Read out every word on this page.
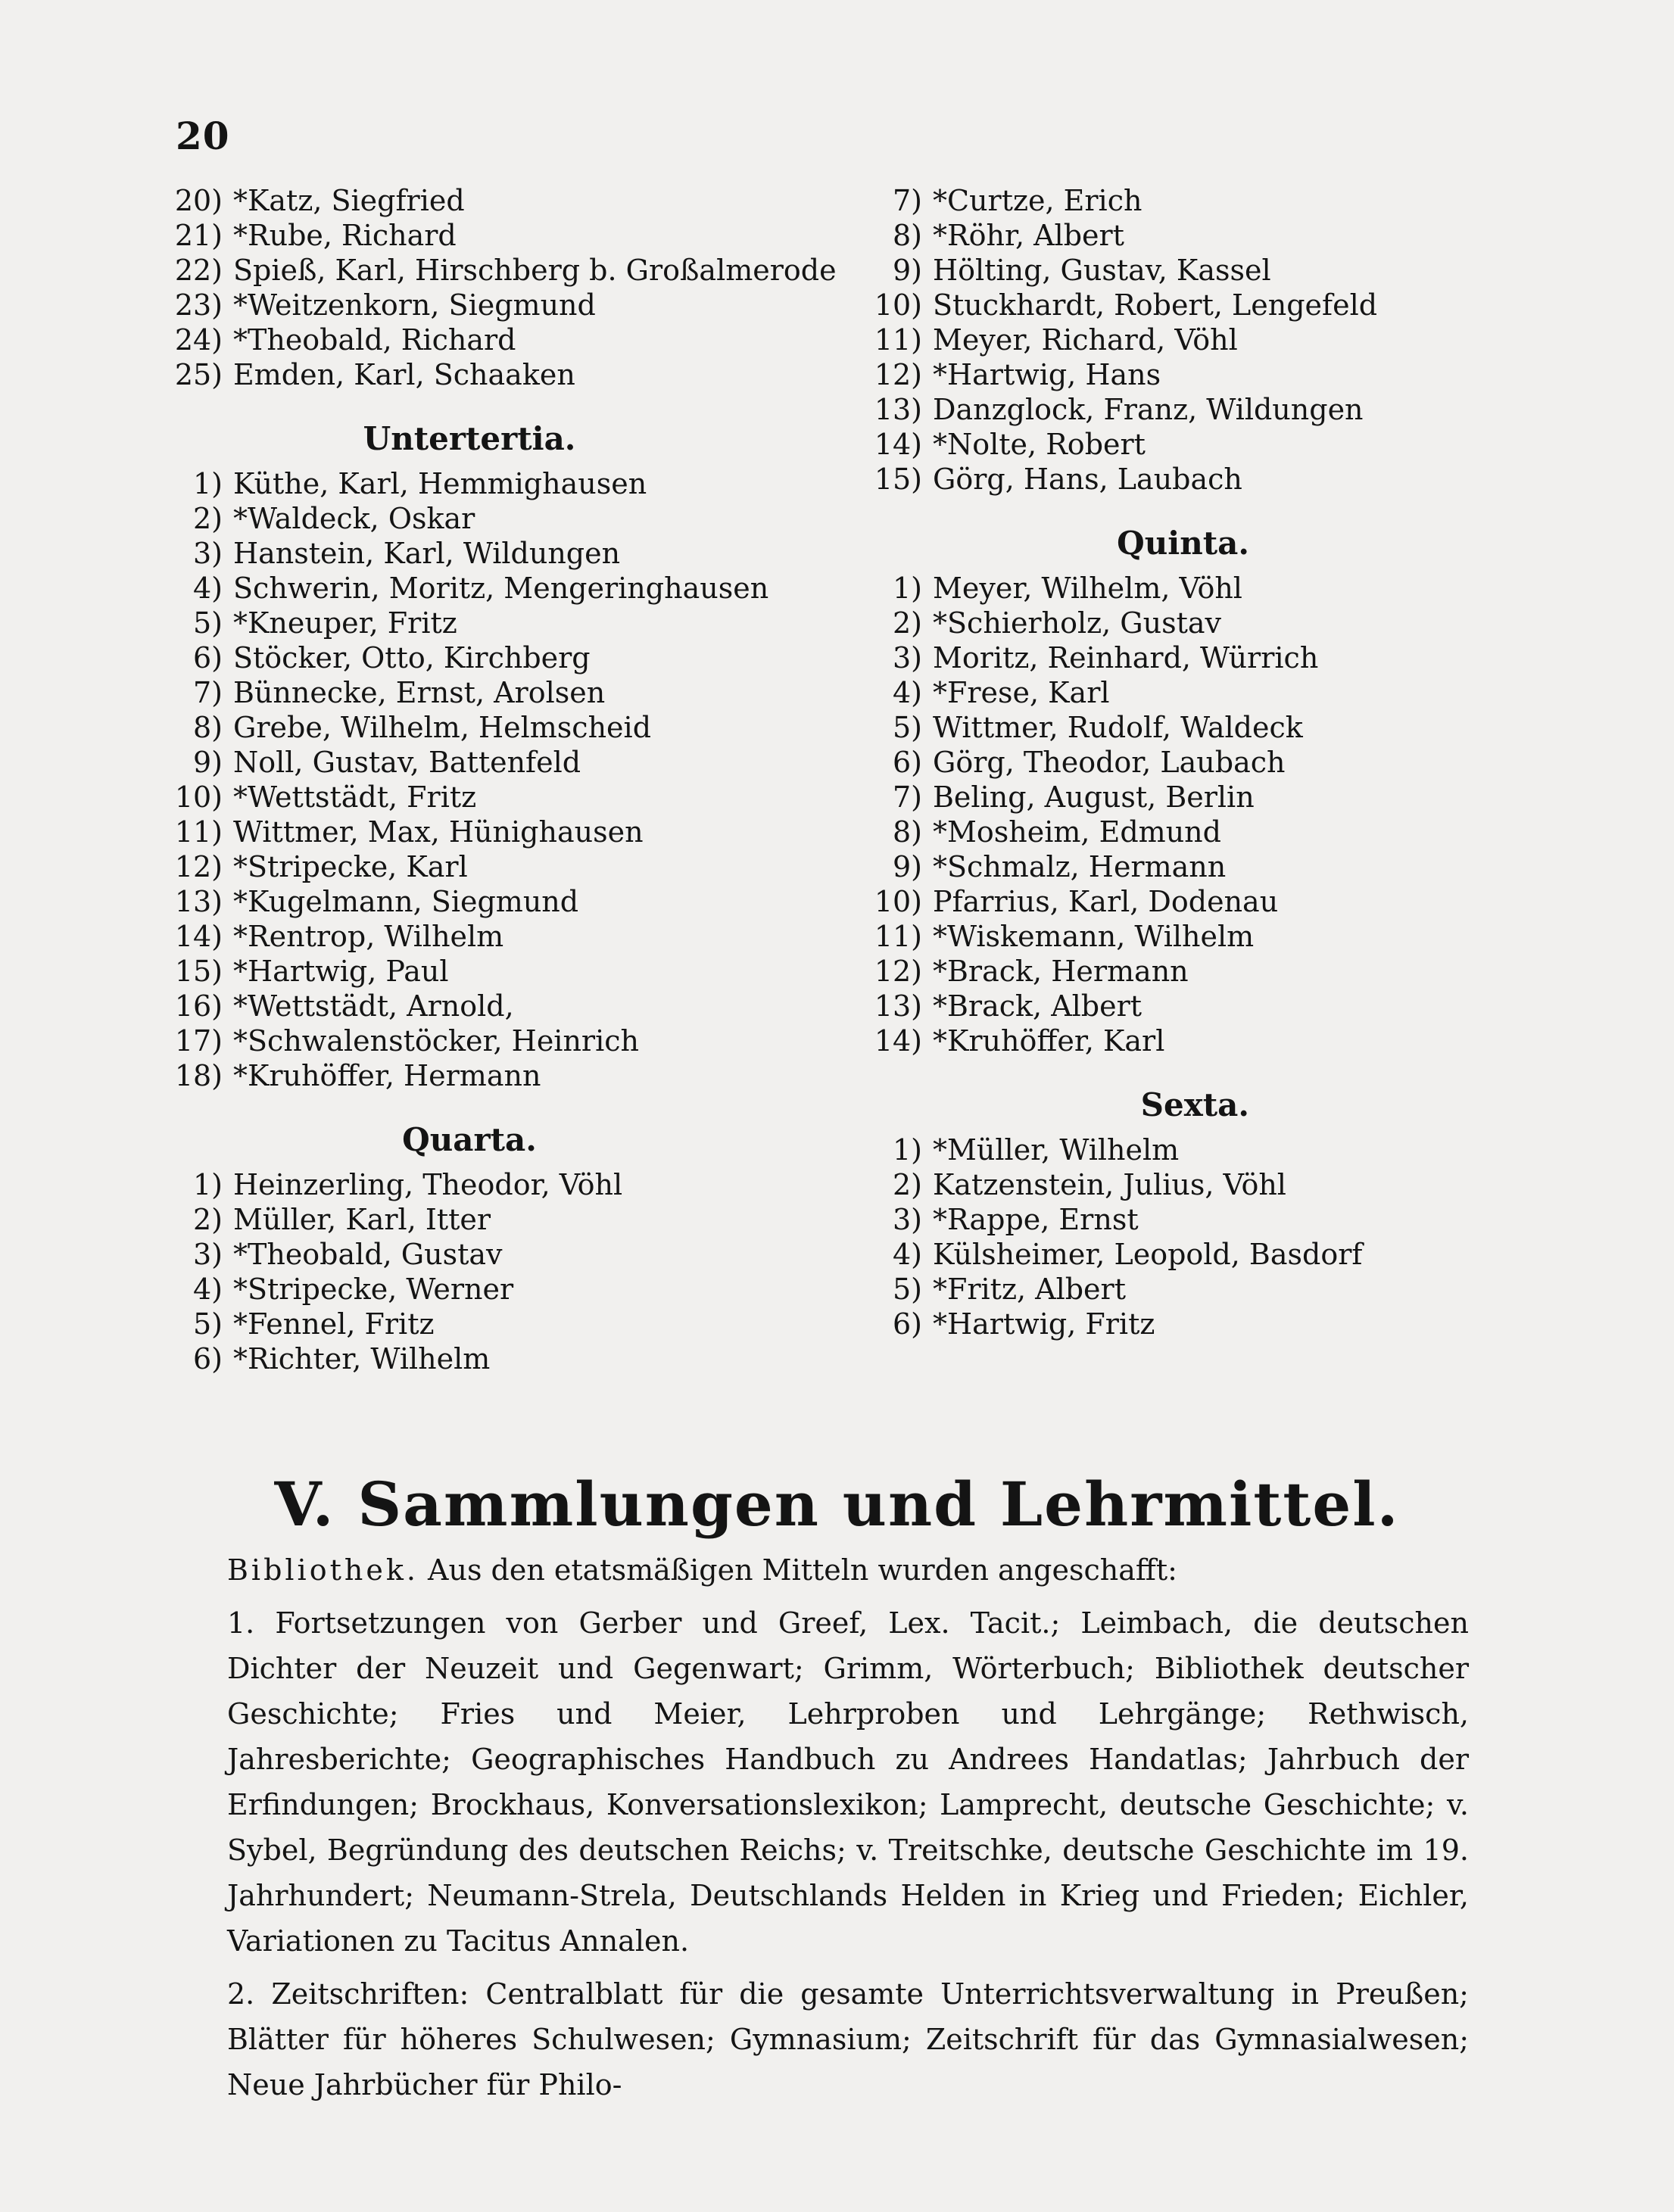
20
20) *Katz, Siegfried
21) *Rube, Richard
22) Spieß, Karl, Hirschberg b. Großalmerode
23) *Weitzenkorn, Siegmund
24) *Theobald, Richard
25) Emden, Karl, Schaaken
Untertertia.
1) Küthe, Karl, Hemmighausen
2) *Waldeck, Oskar
3) Hanstein, Karl, Wildungen
4) Schwerin, Moritz, Mengeringhausen
5) *Kneuper, Fritz
6) Stöcker, Otto, Kirchberg
7) Bünnecke, Ernst, Arolsen
8) Grebe, Wilhelm, Helmscheid
9) Noll, Gustav, Battenfeld
10) *Wettstädt, Fritz
11) Wittmer, Max, Hünighausen
12) *Stripecke, Karl
13) *Kugelmann, Siegmund
14) *Rentrop, Wilhelm
15) *Hartwig, Paul
16) *Wettstädt, Arnold,
17) *Schwalenstöcker, Heinrich
18) *Kruhöffer, Hermann
Quarta.
1) Heinzerling, Theodor, Vöhl
2) Müller, Karl, Itter
3) *Theobald, Gustav
4) *Stripecke, Werner
5) *Fennel, Fritz
6) *Richter, Wilhelm
7) *Curtze, Erich
8) *Röhr, Albert
9) Hölting, Gustav, Kassel
10) Stuckhardt, Robert, Lengefeld
11) Meyer, Richard, Vöhl
12) *Hartwig, Hans
13) Danzglock, Franz, Wildungen
14) *Nolte, Robert
15) Görg, Hans, Laubach
Quinta.
1) Meyer, Wilhelm, Vöhl
2) *Schierholz, Gustav
3) Moritz, Reinhard, Würrich
4) *Frese, Karl
5) Wittmer, Rudolf, Waldeck
6) Görg, Theodor, Laubach
7) Beling, August, Berlin
8) *Mosheim, Edmund
9) *Schmalz, Hermann
10) Pfarrius, Karl, Dodenau
11) *Wiskemann, Wilhelm
12) *Brack, Hermann
13) *Brack, Albert
14) *Kruhöffer, Karl
Sexta.
1) *Müller, Wilhelm
2) Katzenstein, Julius, Vöhl
3) *Rappe, Ernst
4) Külsheimer, Leopold, Basdorf
5) *Fritz, Albert
6) *Hartwig, Fritz
V. Sammlungen und Lehrmittel.

Bibliothek. Aus den etatsmäßigen Mitteln wurden angeschafft:

1. Fortsetzungen von Gerber und Greef, Lex. Tacit.; Leimbach, die deutschen Dichter der Neuzeit und Gegenwart; Grimm, Wörterbuch; Bibliothek deutscher Geschichte; Fries und Meier, Lehrproben und Lehrgänge; Rethwisch, Jahresberichte; Geographisches Handbuch zu Andrees Handatlas; Jahrbuch der Erfindungen; Brockhaus, Konversationslexikon; Lamprecht, deutsche Geschichte; v. Sybel, Begründung des deutschen Reichs; v. Treitschke, deutsche Geschichte im 19. Jahrhundert; Neumann-Strela, Deutschlands Helden in Krieg und Frieden; Eichler, Variationen zu Tacitus Annalen.

2. Zeitschriften: Centralblatt für die gesamte Unterrichtsverwaltung in Preußen; Blätter für höheres Schulwesen; Gymnasium; Zeitschrift für das Gymnasialwesen; Neue Jahrbücher für Philo-
